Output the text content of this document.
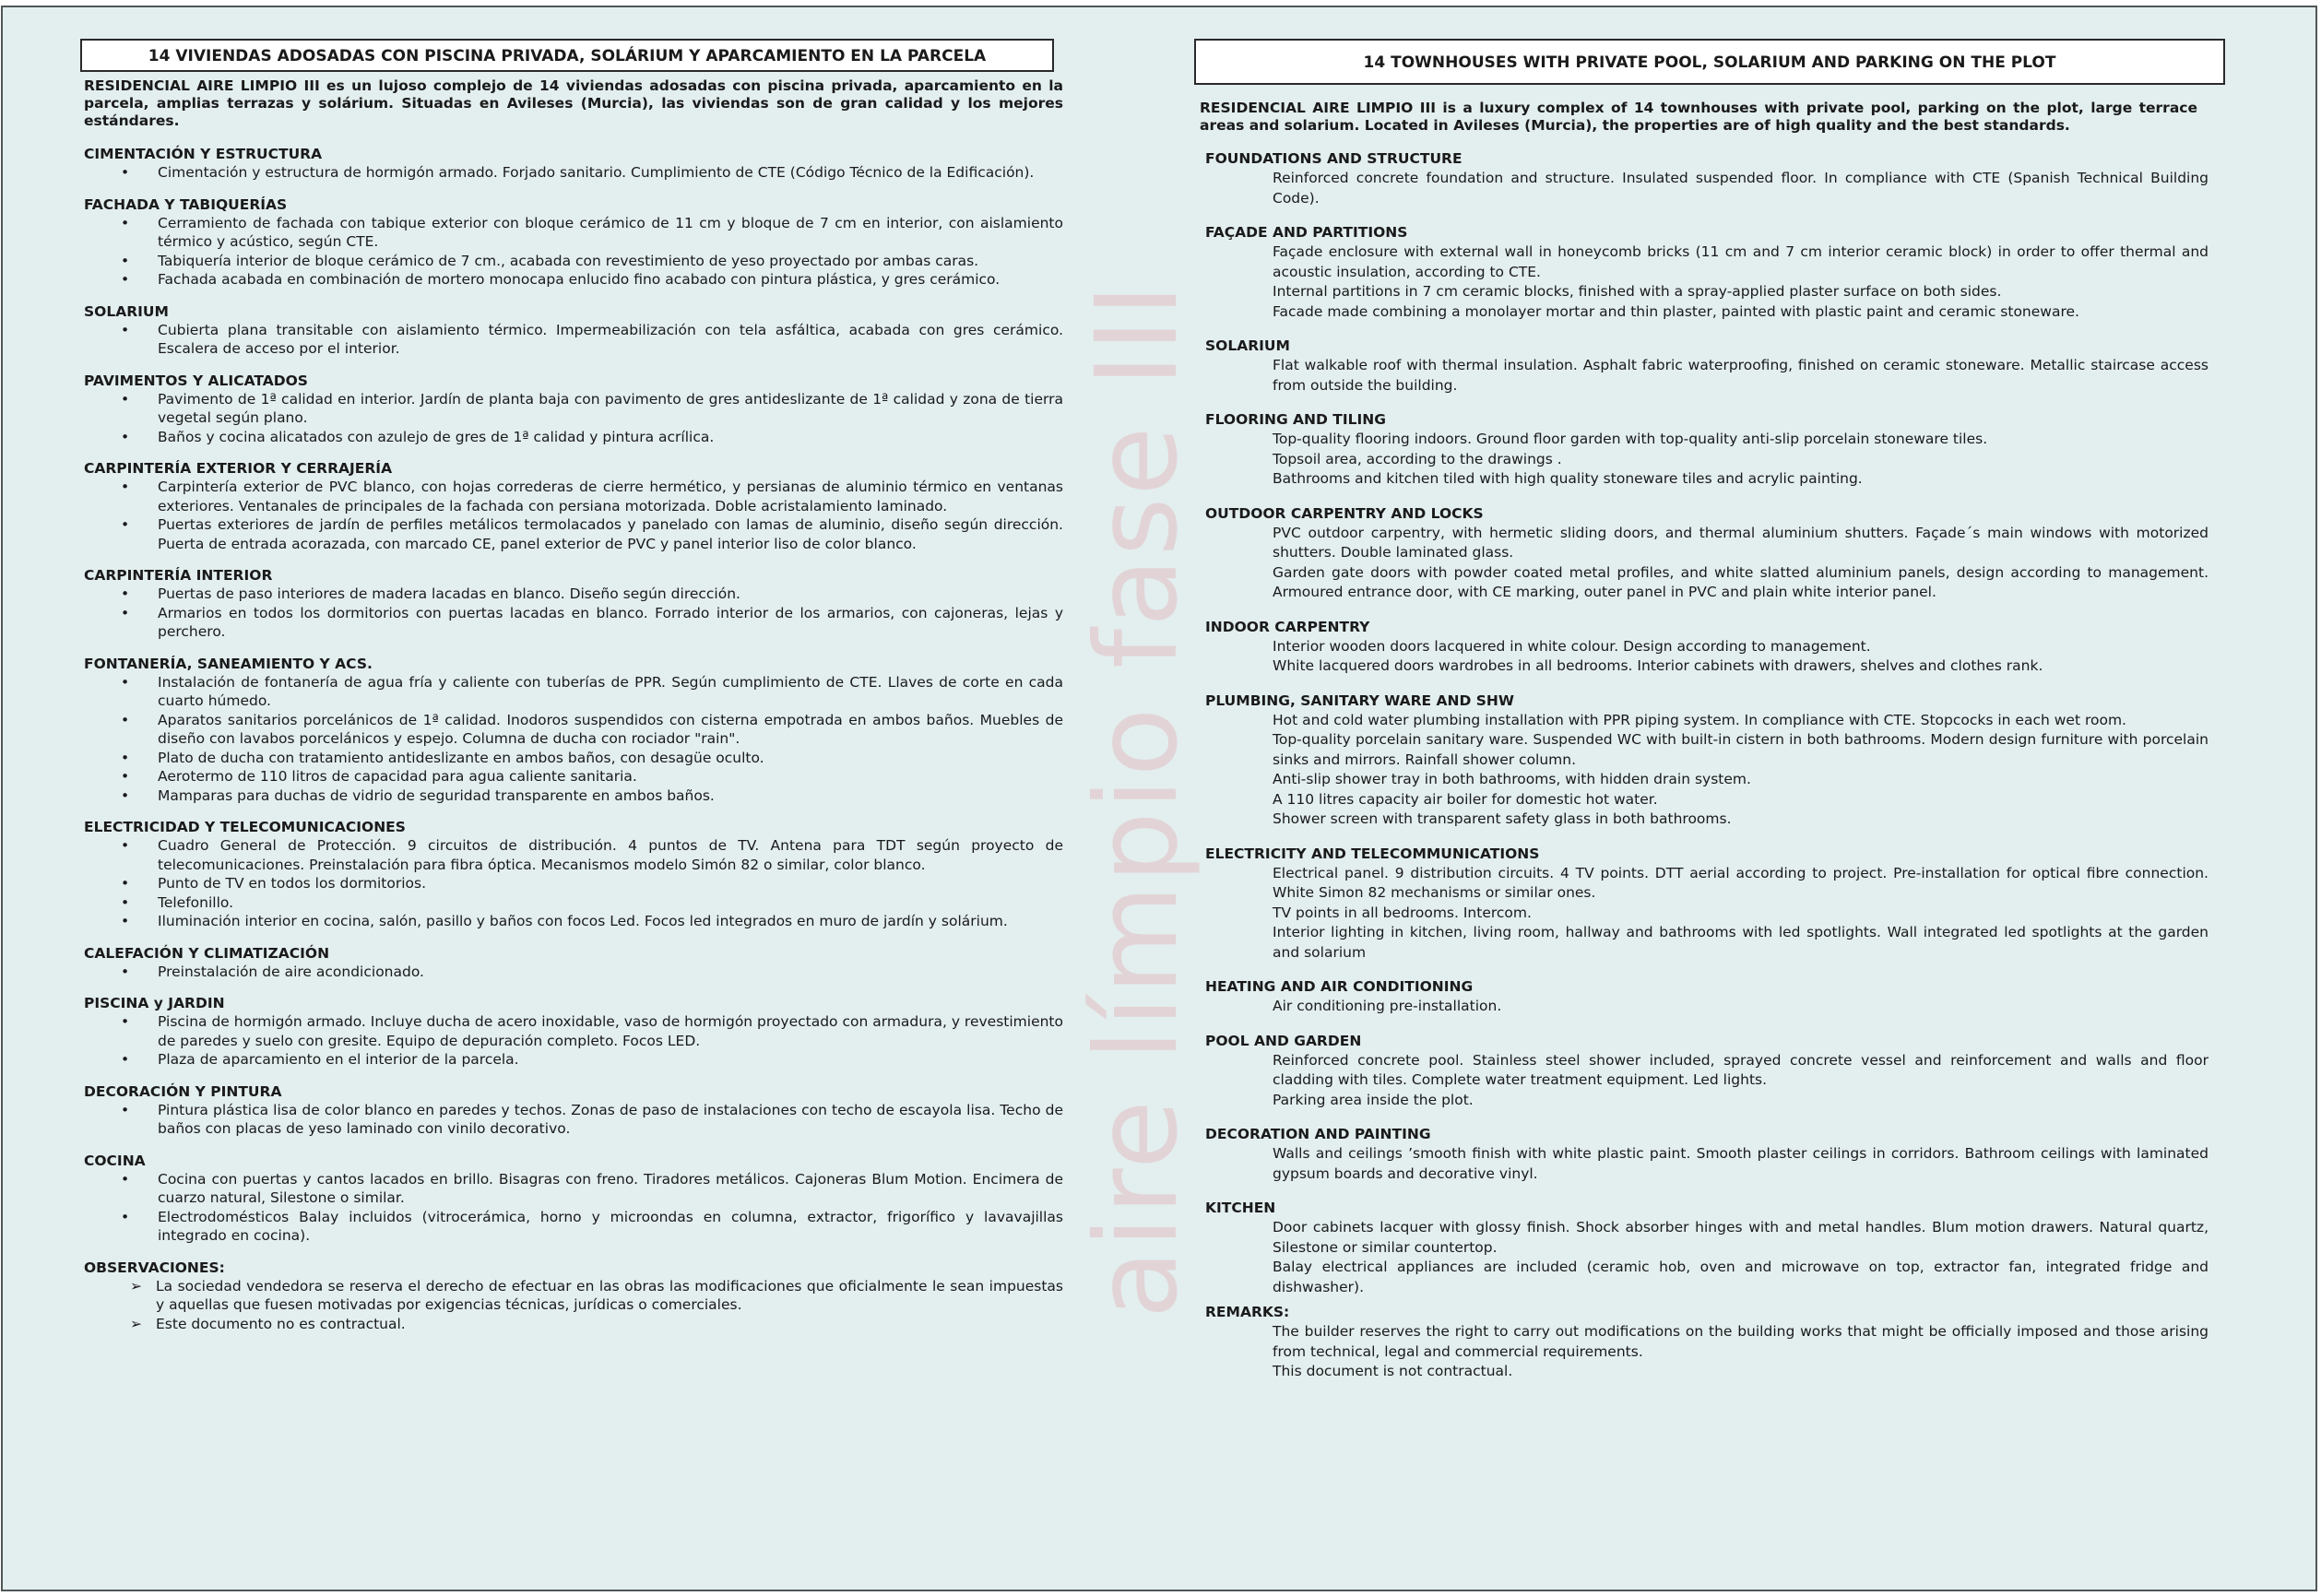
aire límpio fase III
14 VIVIENDAS ADOSADAS CON PISCINA PRIVADA, SOLÁRIUM Y APARCAMIENTO EN LA PARCELA
RESIDENCIAL AIRE LIMPIO III es un lujoso complejo de 14 viviendas adosadas con piscina privada, aparcamiento en la parcela, amplias terrazas y solárium. Situadas en Avileses (Murcia), las viviendas son de gran calidad y los mejores estándares.
CIMENTACIÓN Y ESTRUCTURA
• Cimentación y estructura de hormigón armado. Forjado sanitario. Cumplimiento de CTE (Código Técnico de la Edificación).
FACHADA Y TABIQUERÍAS
• Cerramiento de fachada con tabique exterior con bloque cerámico de 11 cm y bloque de 7 cm en interior, con aislamiento térmico y acústico, según CTE.
• Tabiquería interior de bloque cerámico de 7 cm., acabada con revestimiento de yeso proyectado por ambas caras.
• Fachada acabada en combinación de mortero monocapa enlucido fino acabado con pintura plástica, y gres cerámico.
SOLARIUM
• Cubierta plana transitable con aislamiento térmico. Impermeabilización con tela asfáltica, acabada con gres cerámico. Escalera de acceso por el interior.
PAVIMENTOS Y ALICATADOS
• Pavimento de 1ª calidad en interior. Jardín de planta baja con pavimento de gres antideslizante de 1ª calidad y zona de tierra vegetal según plano.
• Baños y cocina alicatados con azulejo de gres de 1ª calidad y pintura acrílica.
CARPINTERÍA EXTERIOR Y CERRAJERÍA
• Carpintería exterior de PVC blanco, con hojas correderas de cierre hermético, y persianas de aluminio térmico en ventanas exteriores. Ventanales de principales de la fachada con persiana motorizada. Doble acristalamiento laminado.
• Puertas exteriores de jardín de perfiles metálicos termolacados y panelado con lamas de aluminio, diseño según dirección. Puerta de entrada acorazada, con marcado CE, panel exterior de PVC y panel interior liso de color blanco.
CARPINTERÍA INTERIOR
• Puertas de paso interiores de madera lacadas en blanco. Diseño según dirección.
• Armarios en todos los dormitorios con puertas lacadas en blanco. Forrado interior de los armarios, con cajoneras, lejas y perchero.
FONTANERÍA, SANEAMIENTO Y ACS.
• Instalación de fontanería de agua fría y caliente con tuberías de PPR. Según cumplimiento de CTE. Llaves de corte en cada cuarto húmedo.
• Aparatos sanitarios porcelánicos de 1ª calidad. Inodoros suspendidos con cisterna empotrada en ambos baños. Muebles de diseño con lavabos porcelánicos y espejo. Columna de ducha con rociador "rain".
• Plato de ducha con tratamiento antideslizante en ambos baños, con desagüe oculto.
• Aerotermo de 110 litros de capacidad para agua caliente sanitaria.
• Mamparas para duchas de vidrio de seguridad transparente en ambos baños.
ELECTRICIDAD Y TELECOMUNICACIONES
• Cuadro General de Protección. 9 circuitos de distribución. 4 puntos de TV. Antena para TDT según proyecto de telecomunicaciones. Preinstalación para fibra óptica. Mecanismos modelo Simón 82 o similar, color blanco.
• Punto de TV en todos los dormitorios.
• Telefonillo.
• Iluminación interior en cocina, salón, pasillo y baños con focos Led. Focos led integrados en muro de jardín y solárium.
CALEFACIÓN Y CLIMATIZACIÓN
• Preinstalación de aire acondicionado.
PISCINA y JARDIN
• Piscina de hormigón armado. Incluye ducha de acero inoxidable, vaso de hormigón proyectado con armadura, y revestimiento de paredes y suelo con gresite. Equipo de depuración completo. Focos LED.
• Plaza de aparcamiento en el interior de la parcela.
DECORACIÓN Y PINTURA
• Pintura plástica lisa de color blanco en paredes y techos. Zonas de paso de instalaciones con techo de escayola lisa. Techo de baños con placas de yeso laminado con vinilo decorativo.
COCINA
• Cocina con puertas y cantos lacados en brillo. Bisagras con freno. Tiradores metálicos. Cajoneras Blum Motion. Encimera de cuarzo natural, Silestone o similar.
• Electrodomésticos Balay incluidos (vitrocerámica, horno y microondas en columna, extractor, frigorífico y lavavajillas integrado en cocina).
OBSERVACIONES:
➢ La sociedad vendedora se reserva el derecho de efectuar en las obras las modificaciones que oficialmente le sean impuestas y aquellas que fuesen motivadas por exigencias técnicas, jurídicas o comerciales.
➢ Este documento no es contractual.
14 TOWNHOUSES WITH PRIVATE POOL, SOLARIUM AND PARKING ON THE PLOT
RESIDENCIAL AIRE LIMPIO III is a luxury complex of 14 townhouses with private pool, parking on the plot, large terrace areas and solarium. Located in Avileses (Murcia), the properties are of high quality and the best standards.
FOUNDATIONS AND STRUCTURE
Reinforced concrete foundation and structure. Insulated suspended floor. In compliance with CTE (Spanish Technical Building Code).
FAÇADE AND PARTITIONS
Façade enclosure with external wall in honeycomb bricks (11 cm and 7 cm interior ceramic block) in order to offer thermal and acoustic insulation, according to CTE.
Internal partitions in 7 cm ceramic blocks, finished with a spray-applied plaster surface on both sides.
Facade made combining a monolayer mortar and thin plaster, painted with plastic paint and ceramic stoneware.
SOLARIUM
Flat walkable roof with thermal insulation. Asphalt fabric waterproofing, finished on ceramic stoneware. Metallic staircase access from outside the building.
FLOORING AND TILING
Top-quality flooring indoors. Ground floor garden with top-quality anti-slip porcelain stoneware tiles.
Topsoil area, according to the drawings .
Bathrooms and kitchen tiled with high quality stoneware tiles and acrylic painting.
OUTDOOR CARPENTRY AND LOCKS
PVC outdoor carpentry, with hermetic sliding doors, and thermal aluminium shutters. Façade´s main windows with motorized shutters. Double laminated glass.
Garden gate doors with powder coated metal profiles, and white slatted aluminium panels, design according to management. Armoured entrance door, with CE marking, outer panel in PVC and plain white interior panel.
INDOOR CARPENTRY
Interior wooden doors lacquered in white colour. Design according to management.
White lacquered doors wardrobes in all bedrooms. Interior cabinets with drawers, shelves and clothes rank.
PLUMBING, SANITARY WARE AND SHW
Hot and cold water plumbing installation with PPR piping system. In compliance with CTE. Stopcocks in each wet room.
Top-quality porcelain sanitary ware. Suspended WC with built-in cistern in both bathrooms. Modern design furniture with porcelain sinks and mirrors. Rainfall shower column.
Anti-slip shower tray in both bathrooms, with hidden drain system.
A 110 litres capacity air boiler for domestic hot water.
Shower screen with transparent safety glass in both bathrooms.
ELECTRICITY AND TELECOMMUNICATIONS
Electrical panel. 9 distribution circuits. 4 TV points. DTT aerial according to project. Pre-installation for optical fibre connection. White Simon 82 mechanisms or similar ones.
TV points in all bedrooms. Intercom.
Interior lighting in kitchen, living room, hallway and bathrooms with led spotlights. Wall integrated led spotlights at the garden and solarium
HEATING AND AIR CONDITIONING
Air conditioning pre-installation.
POOL AND GARDEN
Reinforced concrete pool. Stainless steel shower included, sprayed concrete vessel and reinforcement and walls and floor cladding with tiles. Complete water treatment equipment. Led lights.
Parking area inside the plot.
DECORATION AND PAINTING
Walls and ceilings ’smooth finish with white plastic paint. Smooth plaster ceilings in corridors. Bathroom ceilings with laminated gypsum boards and decorative vinyl.
KITCHEN
Door cabinets lacquer with glossy finish. Shock absorber hinges with and metal handles. Blum motion drawers. Natural quartz, Silestone or similar countertop.
Balay electrical appliances are included (ceramic hob, oven and microwave on top, extractor fan, integrated fridge and dishwasher).
REMARKS:
The builder reserves the right to carry out modifications on the building works that might be officially imposed and those arising from technical, legal and commercial requirements.
This document is not contractual.
